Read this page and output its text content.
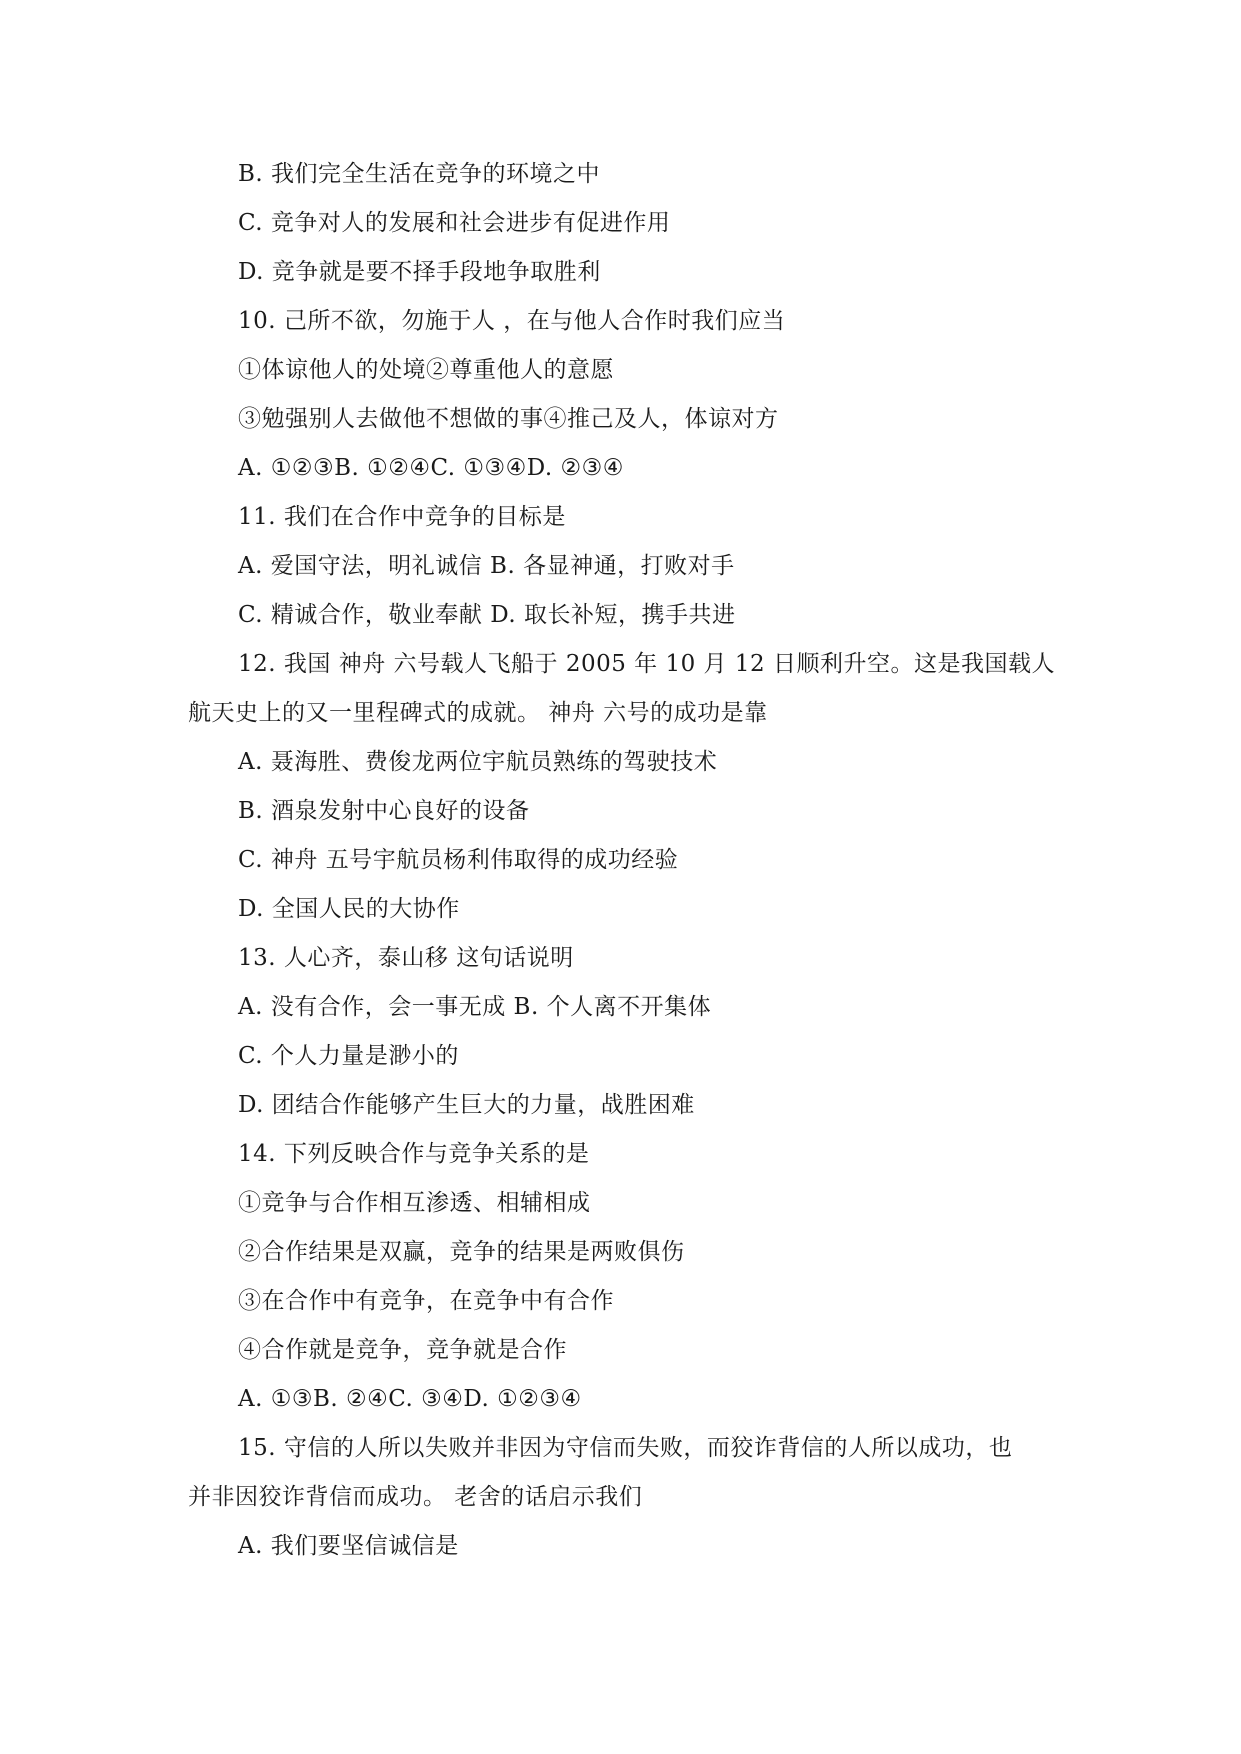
B. 我们完全生活在竞争的环境之中

C. 竞争对人的发展和社会进步有促进作用

D. 竞争就是要不择手段地争取胜利

10. 己所不欲，勿施于人 ，在与他人合作时我们应当

①体谅他人的处境②尊重他人的意愿

③勉强别人去做他不想做的事④推己及人，体谅对方

A. ①②③B. ①②④C. ①③④D. ②③④

11. 我们在合作中竞争的目标是

A. 爱国守法，明礼诚信 B. 各显神通，打败对手

C. 精诚合作，敬业奉献 D. 取长补短，携手共进

12. 我国 神舟 六号载人飞船于 2005 年 10 月 12 日顺利升空。这是我国载人

航天史上的又一里程碑式的成就。 神舟 六号的成功是靠

A. 聂海胜、费俊龙两位宇航员熟练的驾驶技术

B. 酒泉发射中心良好的设备

C. 神舟 五号宇航员杨利伟取得的成功经验

D. 全国人民的大协作

13. 人心齐，泰山移 这句话说明

A. 没有合作，会一事无成 B. 个人离不开集体

C. 个人力量是渺小的

D. 团结合作能够产生巨大的力量，战胜困难

14. 下列反映合作与竞争关系的是

①竞争与合作相互渗透、相辅相成

②合作结果是双赢，竞争的结果是两败俱伤

③在合作中有竞争，在竞争中有合作

④合作就是竞争，竞争就是合作

A. ①③B. ②④C. ③④D. ①②③④

15. 守信的人所以失败并非因为守信而失败，而狡诈背信的人所以成功，也

并非因狡诈背信而成功。 老舍的话启示我们

A. 我们要坚信诚信是
